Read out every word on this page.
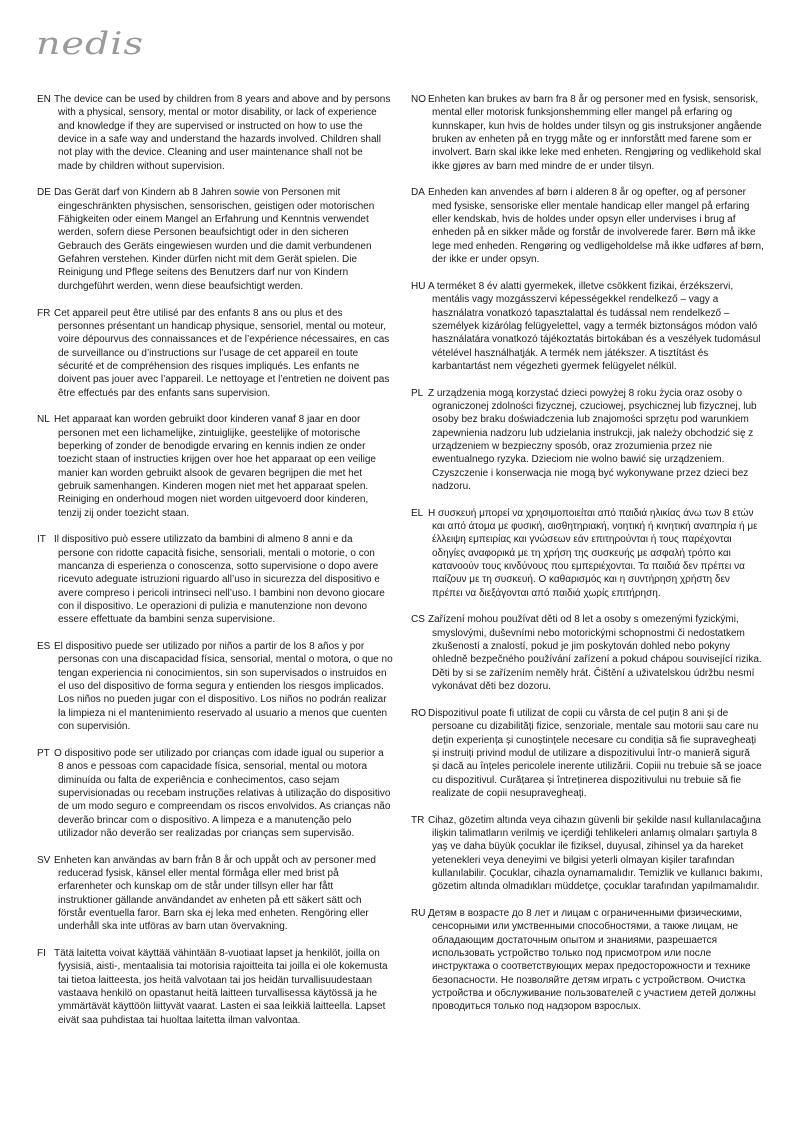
nedis
EN The device can be used by children from 8 years and above and by persons
with a physical, sensory, mental or motor disability, or lack of experience
and knowledge if they are supervised or instructed on how to use the
device in a safe way and understand the hazards involved. Children shall
not play with the device. Cleaning and user maintenance shall not be
made by children without supervision.
DE Das Gerät darf von Kindern ab 8 Jahren sowie von Personen mit
eingeschränkten physischen, sensorischen, geistigen oder motorischen
Fähigkeiten oder einem Mangel an Erfahrung und Kenntnis verwendet
werden, sofern diese Personen beaufsichtigt oder in den sicheren
Gebrauch des Geräts eingewiesen wurden und die damit verbundenen
Gefahren verstehen. Kinder dürfen nicht mit dem Gerät spielen. Die
Reinigung und Pflege seitens des Benutzers darf nur von Kindern
durchgeführt werden, wenn diese beaufsichtigt werden.
FR Cet appareil peut être utilisé par des enfants 8 ans ou plus et des
personnes présentant un handicap physique, sensoriel, mental ou moteur,
voire dépourvus des connaissances et de l’expérience nécessaires, en cas
de surveillance ou d’instructions sur l’usage de cet appareil en toute
sécurité et de compréhension des risques impliqués. Les enfants ne
doivent pas jouer avec l’appareil. Le nettoyage et l’entretien ne doivent pas
être effectués par des enfants sans supervision.
NL Het apparaat kan worden gebruikt door kinderen vanaf 8 jaar en door
personen met een lichamelijke, zintuiglijke, geestelijke of motorische
beperking of zonder de benodigde ervaring en kennis indien ze onder
toezicht staan of instructies krijgen over hoe het apparaat op een veilige
manier kan worden gebruikt alsook de gevaren begrijpen die met het
gebruik samenhangen. Kinderen mogen niet met het apparaat spelen.
Reiniging en onderhoud mogen niet worden uitgevoerd door kinderen,
tenzij zij onder toezicht staan.
IT Il dispositivo può essere utilizzato da bambini di almeno 8 anni e da
persone con ridotte capacità fisiche, sensoriali, mentali o motorie, o con
mancanza di esperienza o conoscenza, sotto supervisione o dopo avere
ricevuto adeguate istruzioni riguardo all’uso in sicurezza del dispositivo e
avere compreso i pericoli intrinseci nell’uso. I bambini non devono giocare
con il dispositivo. Le operazioni di pulizia e manutenzione non devono
essere effettuate da bambini senza supervisione.
ES El dispositivo puede ser utilizado por niños a partir de los 8 años y por
personas con una discapacidad física, sensorial, mental o motora, o que no
tengan experiencia ni conocimientos, sin son supervisados o instruidos en
el uso del dispositivo de forma segura y entienden los riesgos implicados.
Los niños no pueden jugar con el dispositivo. Los niños no podrán realizar
la limpieza ni el mantenimiento reservado al usuario a menos que cuenten
con supervisión.
PT O dispositivo pode ser utilizado por crianças com idade igual ou superior a
8 anos e pessoas com capacidade física, sensorial, mental ou motora
diminuída ou falta de experiência e conhecimentos, caso sejam
supervisionadas ou recebam instruções relativas à utilização do dispositivo
de um modo seguro e compreendam os riscos envolvidos. As crianças não
deverão brincar com o dispositivo. A limpeza e a manutenção pelo
utilizador não deverão ser realizadas por crianças sem supervisão.
SV Enheten kan användas av barn från 8 år och uppåt och av personer med
reducerad fysisk, känsel eller mental förmåga eller med brist på
erfarenheter och kunskap om de står under tillsyn eller har fått
instruktioner gällande användandet av enheten på ett säkert sätt och
förstår eventuella faror. Barn ska ej leka med enheten. Rengöring eller
underhåll ska inte utföras av barn utan övervakning.
FI Tätä laitetta voivat käyttää vähintään 8-vuotiaat lapset ja henkilöt, joilla on
fyysisiä, aisti-, mentaalisia tai motorisia rajoitteita tai joilla ei ole kokemusta
tai tietoa laitteesta, jos heitä valvotaan tai jos heidän turvallisuudestaan
vastaava henkilö on opastanut heitä laitteen turvallisessa käytössä ja he
ymmärtävät käyttöön liittyvät vaarat. Lasten ei saa leikkiä laitteella. Lapset
eivät saa puhdistaa tai huoltaa laitetta ilman valvontaa.
NO Enheten kan brukes av barn fra 8 år og personer med en fysisk, sensorisk,
mental eller motorisk funksjonshemming eller mangel på erfaring og
kunnskaper, kun hvis de holdes under tilsyn og gis instruksjoner angående
bruken av enheten på en trygg måte og er innforstått med farene som er
involvert. Barn skal ikke leke med enheten. Rengjøring og vedlikehold skal
ikke gjøres av barn med mindre de er under tilsyn.
DA Enheden kan anvendes af børn i alderen 8 år og opefter, og af personer
med fysiske, sensoriske eller mentale handicap eller mangel på erfaring
eller kendskab, hvis de holdes under opsyn eller undervises i brug af
enheden på en sikker måde og forstår de involverede farer. Børn må ikke
lege med enheden. Rengøring og vedligeholdelse må ikke udføres af børn,
der ikke er under opsyn.
HU A terméket 8 év alatti gyermekek, illetve csökkent fizikai, érzékszervi,
mentális vagy mozgásszervi képességekkel rendelkező – vagy a
használatra vonatkozó tapasztalattal és tudással nem rendelkező –
személyek kizárólag felügyelettel, vagy a termék biztonságos módon való
használatára vonatkozó tájékoztatás birtokában és a veszélyek tudomásul
vételével használhatják. A termék nem játékszer. A tisztítást és
karbantartást nem végezheti gyermek felügyelet nélkül.
PL Z urządzenia mogą korzystać dzieci powyżej 8 roku życia oraz osoby o
ograniczonej zdolności fizycznej, czuciowej, psychicznej lub fizycznej, lub
osoby bez braku doświadczenia lub znajomości sprzętu pod warunkiem
zapewnienia nadzoru lub udzielania instrukcji, jak należy obchodzić się z
urządzeniem w bezpieczny sposób, oraz zrozumienia przez nie
ewentualnego ryzyka. Dzieciom nie wolno bawić się urządzeniem.
Czyszczenie i konserwacja nie mogą być wykonywane przez dzieci bez
nadzoru.
EL Η συσκευή μπορεί να χρησιμοποιείται από παιδιά ηλικίας άνω των 8 ετών
και από άτομα με φυσική, αισθητηριακή, νοητική ή κινητική αναπηρία ή με
έλλειψη εμπειρίας και γνώσεων εάν επιτηρούνται ή τους παρέχονται
οδηγίες αναφορικά με τη χρήση της συσκευής με ασφαλή τρόπο και
κατανοούν τους κινδύνους που εμπεριέχονται. Τα παιδιά δεν πρέπει να
παίζουν με τη συσκευή. Ο καθαρισμός και η συντήρηση χρήστη δεν
πρέπει να διεξάγονται από παιδιά χωρίς επιτήρηση.
CS Zařízení mohou používat děti od 8 let a osoby s omezenými fyzickými,
smyslovými, duševními nebo motorickými schopnostmi či nedostatkem
zkušeností a znalostí, pokud je jim poskytován dohled nebo pokyny
ohledně bezpečného používání zařízení a pokud chápou související rizika.
Děti by si se zařízením neměly hrát. Čištění a uživatelskou údržbu nesmí
vykonávat děti bez dozoru.
RO Dispozitivul poate fi utilizat de copii cu vârsta de cel puțin 8 ani și de
persoane cu dizabilități fizice, senzoriale, mentale sau motorii sau care nu
dețin experiența și cunoștințele necesare cu condiția să fie supravegheați
și instruiți privind modul de utilizare a dispozitivului într-o manieră sigură
și dacă au înțeles pericolele inerente utilizării. Copiii nu trebuie să se joace
cu dispozitivul. Curățarea și întreținerea dispozitivului nu trebuie să fie
realizate de copii nesupravegheați.
TR Cihaz, gözetim altında veya cihazın güvenli bir şekilde nasıl kullanılacağına
ilişkin talimatların verilmiş ve içerdiği tehlikeleri anlamış olmaları şartıyla 8
yaş ve daha büyük çocuklar ile fiziksel, duyusal, zihinsel ya da hareket
yetenekleri veya deneyimi ve bilgisi yeterli olmayan kişiler tarafından
kullanılabilir. Çocuklar, cihazla oynamamalıdır. Temizlik ve kullanıcı bakımı,
gözetim altında olmadıkları müddetçe, çocuklar tarafından yapılmamalıdır.
RU Детям в возрасте до 8 лет и лицам с ограниченными физическими,
сенсорными или умственными способностями, а также лицам, не
обладающим достаточным опытом и знаниями, разрешается
использовать устройство только под присмотром или после
инструктажа о соответствующих мерах предосторожности и технике
безопасности. Не позволяйте детям играть с устройством. Очистка
устройства и обслуживание пользователей с участием детей должны
проводиться только под надзором взрослых.
